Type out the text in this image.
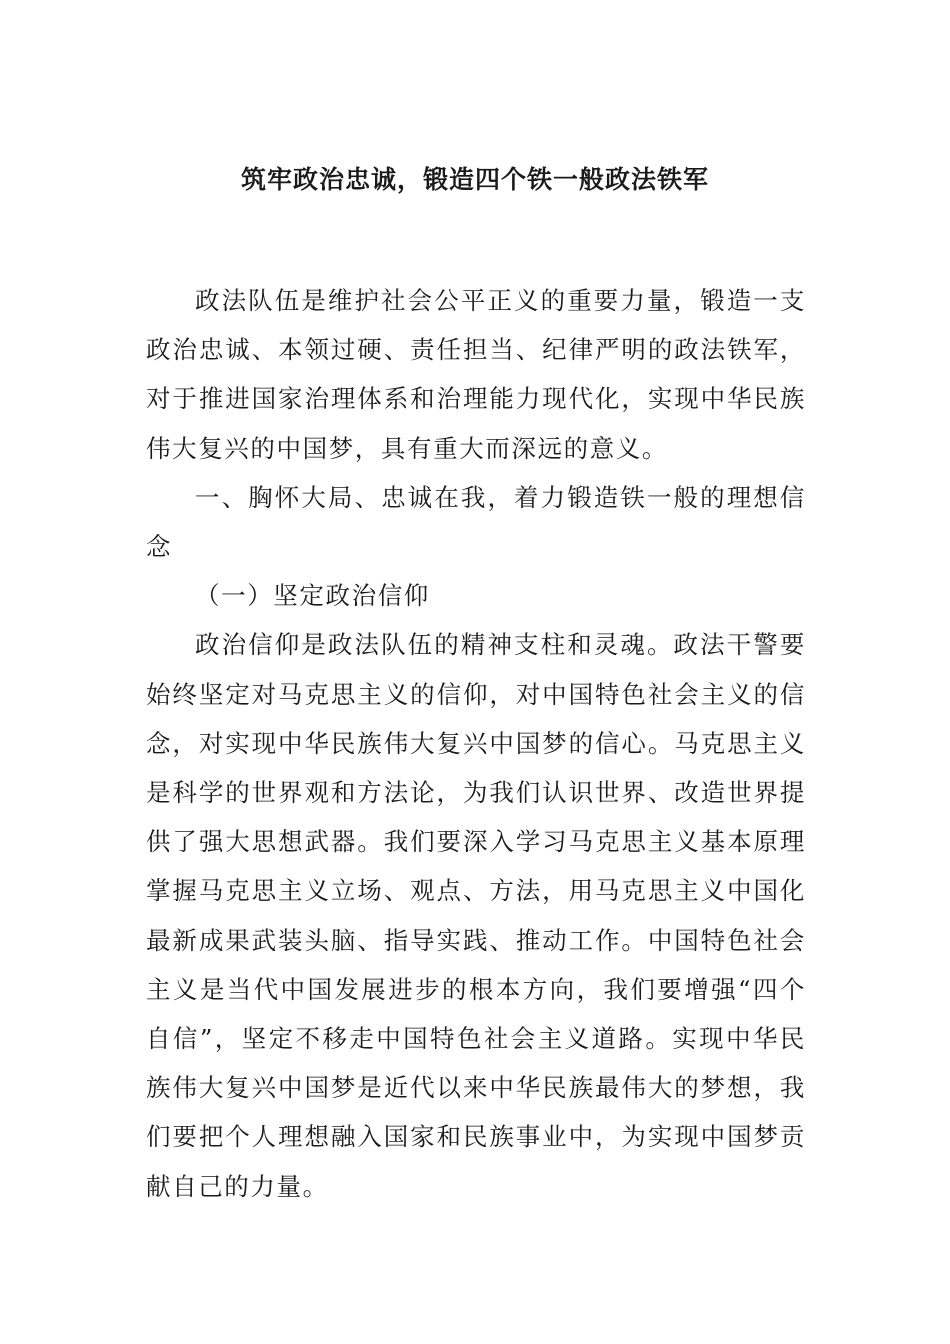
筑牢政治忠诚，锻造四个铁一般政法铁军

政法队伍是维护社会公平正义的重要力量，锻造一支政治忠诚、本领过硬、责任担当、纪律严明的政法铁军，对于推进国家治理体系和治理能力现代化，实现中华民族伟大复兴的中国梦，具有重大而深远的意义。

一、胸怀大局、忠诚在我，着力锻造铁一般的理想信念

（一）坚定政治信仰

政治信仰是政法队伍的精神支柱和灵魂。政法干警要始终坚定对马克思主义的信仰，对中国特色社会主义的信念，对实现中华民族伟大复兴中国梦的信心。马克思主义是科学的世界观和方法论，为我们认识世界、改造世界提供了强大思想武器。我们要深入学习马克思主义基本原理掌握马克思主义立场、观点、方法，用马克思主义中国化最新成果武装头脑、指导实践、推动工作。中国特色社会主义是当代中国发展进步的根本方向，我们要增强“四个自信”，坚定不移走中国特色社会主义道路。实现中华民族伟大复兴中国梦是近代以来中华民族最伟大的梦想，我们要把个人理想融入国家和民族事业中，为实现中国梦贡献自己的力量。
